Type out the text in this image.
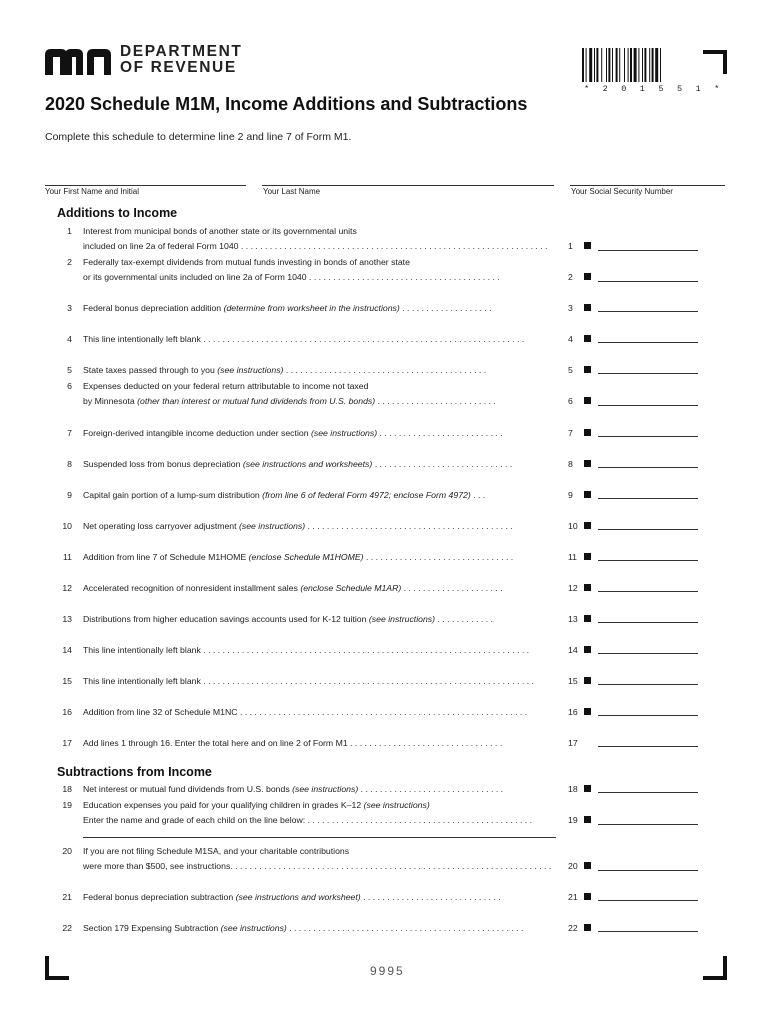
DEPARTMENT
OF REVENUE
* 2 0 1 5 5 1 *
2020 Schedule M1M, Income Additions and Subtractions
Complete this schedule to determine line 2 and line 7 of Form M1.
Your First Name and Initial	Your Last Name	Your Social Security Number
Additions to Income
1 Interest from municipal bonds of another state or its governmental units
included on line 2a of federal Form 1040 . . . . . . . . . . . . . . . . . . . . . . . . . . . . . . . . . . . . . . . . . . . . . . . . . . . . . . . . . . . . . . . .	1
2 Federally tax-exempt dividends from mutual funds investing in bonds of another state
or its governmental units included on line 2a of Form 1040 . . . . . . . . . . . . . . . . . . . . . . . . . . . . . . . . . . . . . . . .	2
3 Federal bonus depreciation addition (determine from worksheet in the instructions) . . . . . . . . . . . . . . . . . . .	3
4 This line intentionally left blank . . . . . . . . . . . . . . . . . . . . . . . . . . . . . . . . . . . . . . . . . . . . . . . . . . . . . . . . . . . . . . . . . . .	4
5 State taxes passed through to you (see instructions) . . . . . . . . . . . . . . . . . . . . . . . . . . . . . . . . . . . . . . . . . .	5
6 Expenses deducted on your federal return attributable to income not taxed
by Minnesota (other than interest or mutual fund dividends from U.S. bonds) . . . . . . . . . . . . . . . . . . . . . . . . .	6
7 Foreign-derived intangible income deduction under section (see instructions) . . . . . . . . . . . . . . . . . . . . . . . . . .	7
8 Suspended loss from bonus depreciation (see instructions and worksheets) . . . . . . . . . . . . . . . . . . . . . . . . . . . . .	8
9 Capital gain portion of a lump-sum distribution (from line 6 of federal Form 4972; enclose Form 4972) . . .	9
10 Net operating loss carryover adjustment (see instructions) . . . . . . . . . . . . . . . . . . . . . . . . . . . . . . . . . . . . . . . . . . .	10
11 Addition from line 7 of Schedule M1HOME (enclose Schedule M1HOME) . . . . . . . . . . . . . . . . . . . . . . . . . . . . . . .	11
12 Accelerated recognition of nonresident installment sales (enclose Schedule M1AR) . . . . . . . . . . . . . . . . . . . . .	12
13 Distributions from higher education savings accounts used for K-12 tuition (see instructions) . . . . . . . . . . . .	13
14 This line intentionally left blank . . . . . . . . . . . . . . . . . . . . . . . . . . . . . . . . . . . . . . . . . . . . . . . . . . . . . . . . . . . . . . . . . . . .	14
15 This line intentionally left blank . . . . . . . . . . . . . . . . . . . . . . . . . . . . . . . . . . . . . . . . . . . . . . . . . . . . . . . . . . . . . . . . . . . . .	15
16 Addition from line 32 of Schedule M1NC . . . . . . . . . . . . . . . . . . . . . . . . . . . . . . . . . . . . . . . . . . . . . . . . . . . . . . . . . . . .	16
17 Add lines 1 through 16. Enter the total here and on line 2 of Form M1 . . . . . . . . . . . . . . . . . . . . . . . . . . . . . . . .	17
Subtractions from Income
18 Net interest or mutual fund dividends from U.S. bonds (see instructions) . . . . . . . . . . . . . . . . . . . . . . . . . . . . . .	18
19 Education expenses you paid for your qualifying children in grades K–12 (see instructions)
Enter the name and grade of each child on the line below: . . . . . . . . . . . . . . . . . . . . . . . . . . . . . . . . . . . . . . . . . . . . . . .	19
20 If you are not filing Schedule M1SA, and your charitable contributions
were more than $500, see instructions. . . . . . . . . . . . . . . . . . . . . . . . . . . . . . . . . . . . . . . . . . . . . . . . . . . . . . . . . . . . . . . . . . .	20
21 Federal bonus depreciation subtraction (see instructions and worksheet) . . . . . . . . . . . . . . . . . . . . . . . . . . . . .	21
22 Section 179 Expensing Subtraction (see instructions) . . . . . . . . . . . . . . . . . . . . . . . . . . . . . . . . . . . . . . . . . . . . . . . . .	22
9995
